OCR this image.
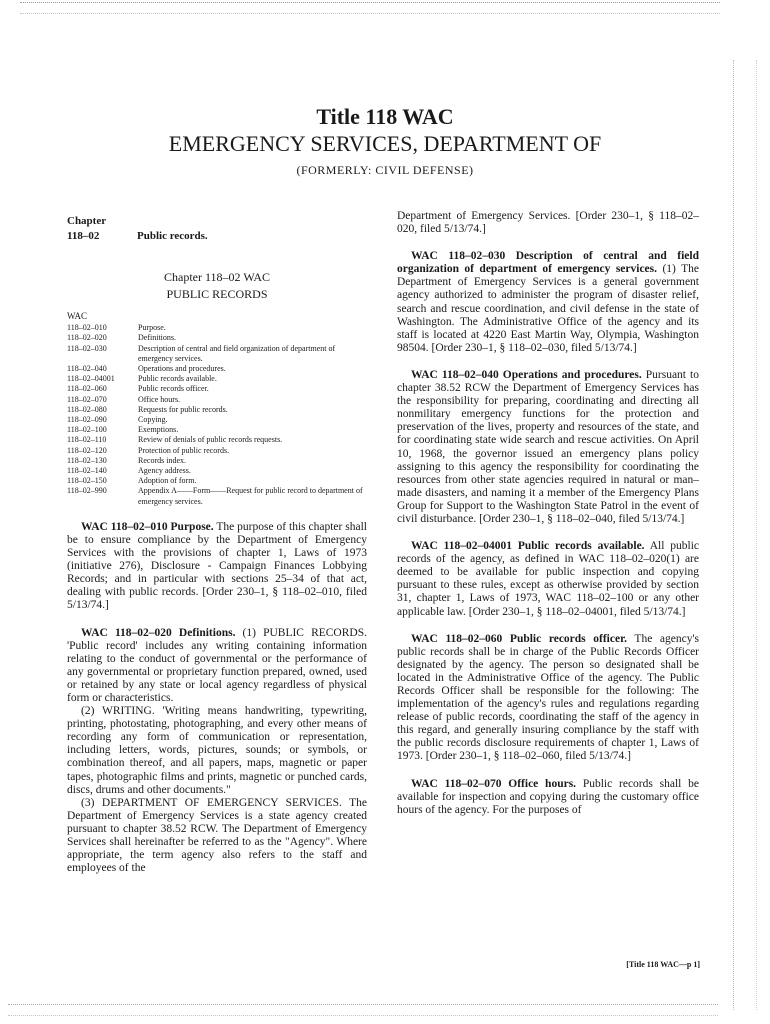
Title 118 WAC
EMERGENCY SERVICES, DEPARTMENT OF
(FORMERLY: CIVIL DEFENSE)
Chapter
118–02	Public records.
Chapter 118–02 WAC
PUBLIC RECORDS
WAC
118–02–010	Purpose.
118–02–020	Definitions.
118–02–030	Description of central and field organization of department of emergency services.
118–02–040	Operations and procedures.
118–02–04001	Public records available.
118–02–060	Public records officer.
118–02–070	Office hours.
118–02–080	Requests for public records.
118–02–090	Copying.
118–02–100	Exemptions.
118–02–110	Review of denials of public records requests.
118–02–120	Protection of public records.
118–02–130	Records index.
118–02–140	Agency address.
118–02–150	Adoption of form.
118–02–990	Appendix A——Form——Request for public record to department of emergency services.

WAC 118–02–010 Purpose. The purpose of this chapter shall be to ensure compliance by the Department of Emergency Services with the provisions of chapter 1, Laws of 1973 (initiative 276), Disclosure - Campaign Finances Lobbying Records; and in particular with sections 25–34 of that act, dealing with public records. [Order 230–1, § 118–02–010, filed 5/13/74.]

WAC 118–02–020 Definitions. (1) PUBLIC RECORDS. 'Public record' includes any writing containing information relating to the conduct of governmental or the performance of any governmental or proprietary function prepared, owned, used or retained by any state or local agency regardless of physical form or characteristics.

(2) WRITING. 'Writing means handwriting, typewriting, printing, photostating, photographing, and every other means of recording any form of communication or representation, including letters, words, pictures, sounds; or symbols, or combination thereof, and all papers, maps, magnetic or paper tapes, photographic films and prints, magnetic or punched cards, discs, drums and other documents."

(3) DEPARTMENT OF EMERGENCY SERVICES. The Department of Emergency Services is a state agency created pursuant to chapter 38.52 RCW. The Department of Emergency Services shall hereinafter be referred to as the "Agency". Where appropriate, the term agency also refers to the staff and employees of the

Department of Emergency Services. [Order 230–1, § 118–02–020, filed 5/13/74.]

WAC 118–02–030 Description of central and field organization of department of emergency services. (1) The Department of Emergency Services is a general government agency authorized to administer the program of disaster relief, search and rescue coordination, and civil defense in the state of Washington. The Administrative Office of the agency and its staff is located at 4220 East Martin Way, Olympia, Washington 98504. [Order 230–1, § 118–02–030, filed 5/13/74.]

WAC 118–02–040 Operations and procedures. Pursuant to chapter 38.52 RCW the Department of Emergency Services has the responsibility for preparing, coordinating and directing all nonmilitary emergency functions for the protection and preservation of the lives, property and resources of the state, and for coordinating state wide search and rescue activities. On April 10, 1968, the governor issued an emergency plans policy assigning to this agency the responsibility for coordinating the resources from other state agencies required in natural or man–made disasters, and naming it a member of the Emergency Plans Group for Support to the Washington State Patrol in the event of civil disturbance. [Order 230–1, § 118–02–040, filed 5/13/74.]

WAC 118–02–04001 Public records available. All public records of the agency, as defined in WAC 118–02–020(1) are deemed to be available for public inspection and copying pursuant to these rules, except as otherwise provided by section 31, chapter 1, Laws of 1973, WAC 118–02–100 or any other applicable law. [Order 230–1, § 118–02–04001, filed 5/13/74.]

WAC 118–02–060 Public records officer. The agency's public records shall be in charge of the Public Records Officer designated by the agency. The person so designated shall be located in the Administrative Office of the agency. The Public Records Officer shall be responsible for the following: The implementation of the agency's rules and regulations regarding release of public records, coordinating the staff of the agency in this regard, and generally insuring compliance by the staff with the public records disclosure requirements of chapter 1, Laws of 1973. [Order 230–1, § 118–02–060, filed 5/13/74.]

WAC 118–02–070 Office hours. Public records shall be available for inspection and copying during the customary office hours of the agency. For the purposes of

[Title 118 WAC—p 1]
